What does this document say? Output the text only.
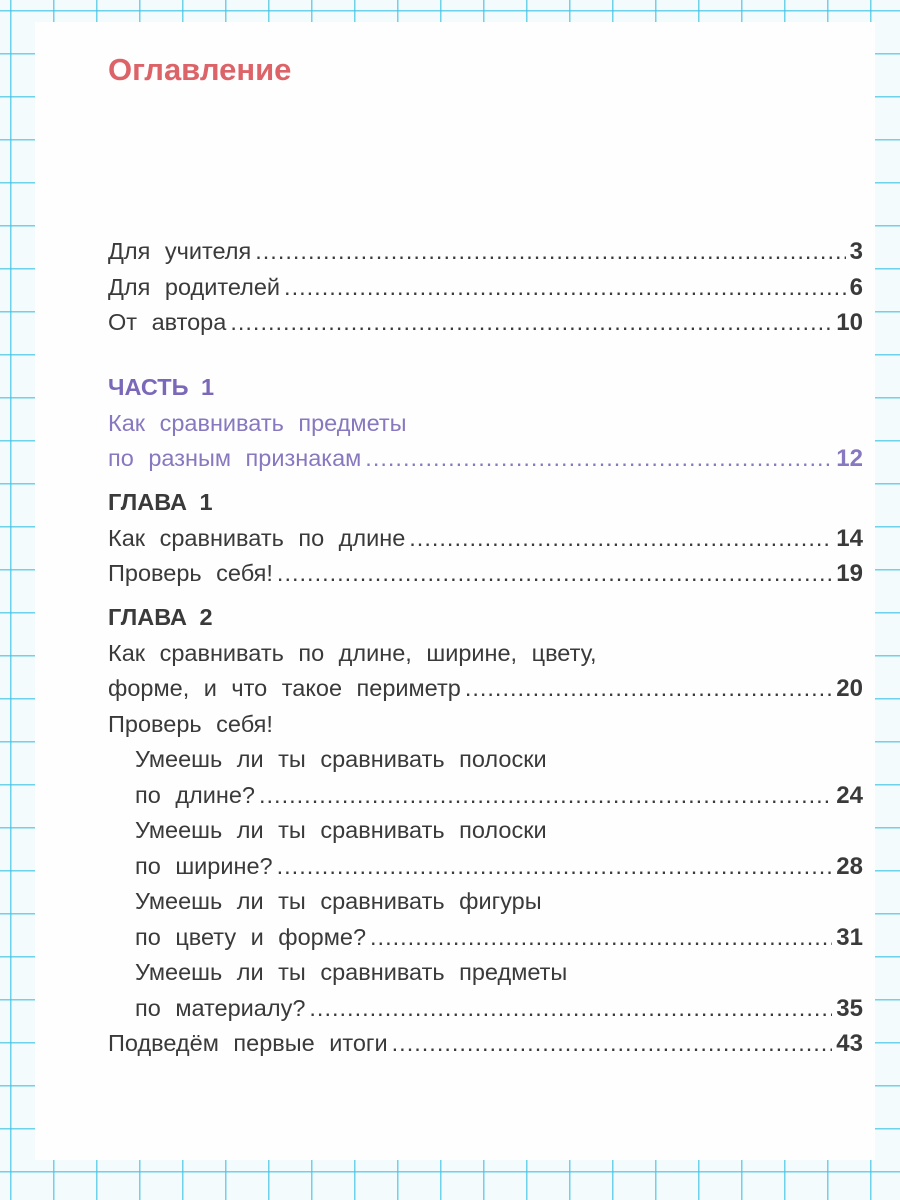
Оглавление
Для учителя .....	3
Для родителей .....	6
От автора .....	10
ЧАСТЬ 1
Как сравнивать предметы
по разным признакам .....	12
ГЛАВА 1
Как сравнивать по длине .....	14
Проверь себя! .....	19
ГЛАВА 2
Как сравнивать по длине, ширине, цвету,
форме, и что такое периметр .....	20
Проверь себя!
Умеешь ли ты сравнивать полоски
по длине? .....	24
Умеешь ли ты сравнивать полоски
по ширине? .....	28
Умеешь ли ты сравнивать фигуры
по цвету и форме? .....	31
Умеешь ли ты сравнивать предметы
по материалу? .....	35
Подведём первые итоги .....	43
